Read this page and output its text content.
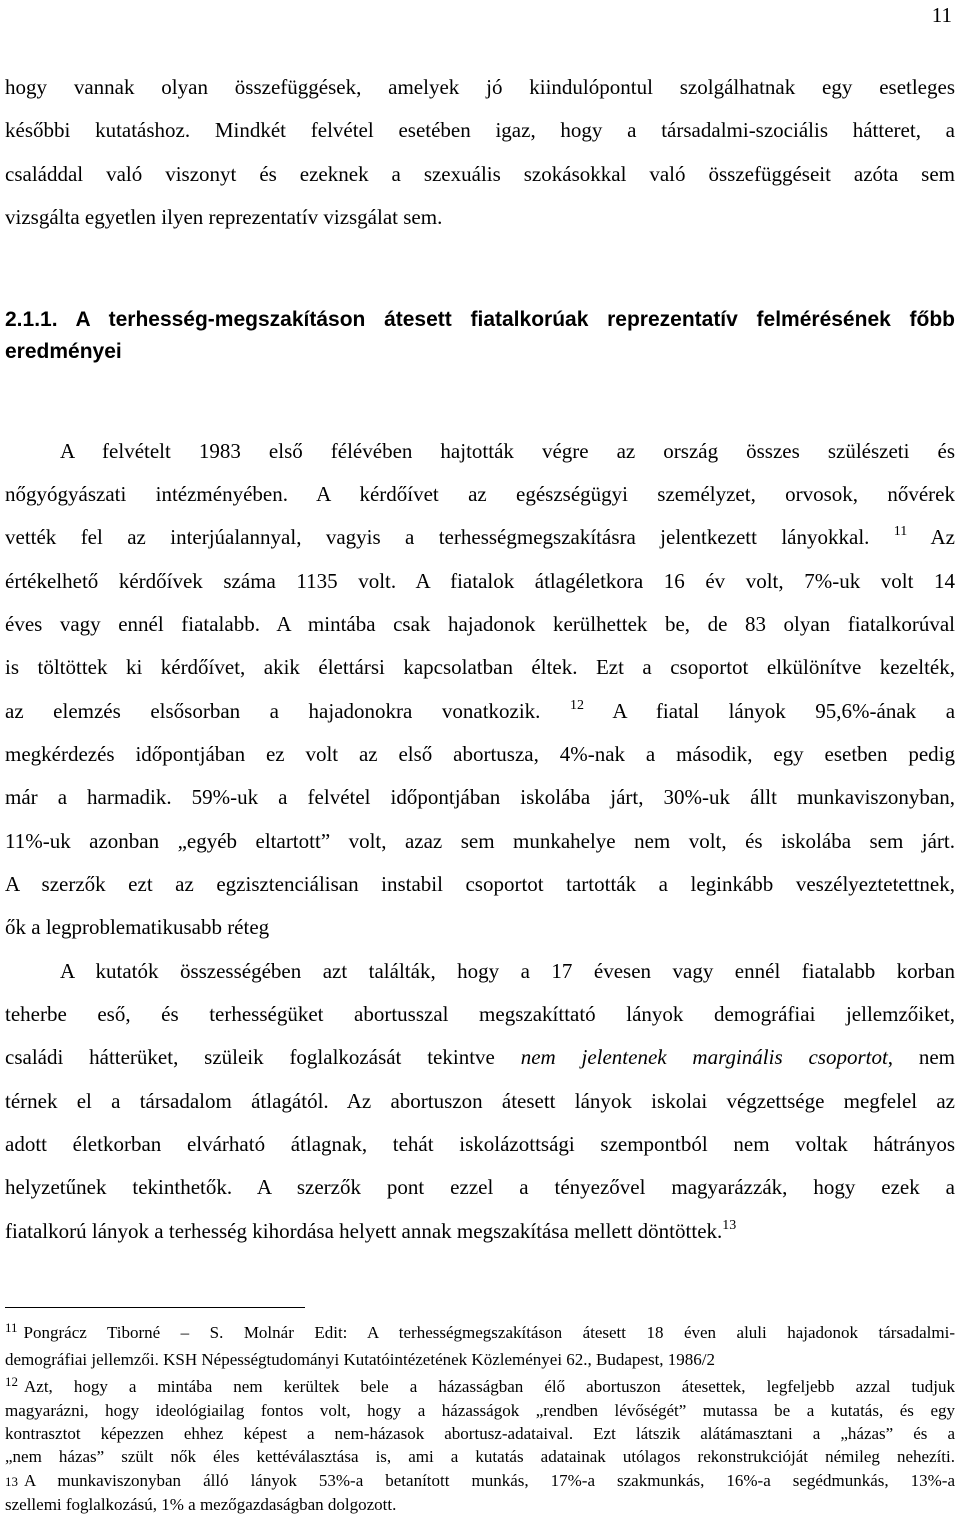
11
hogy vannak olyan összefüggések, amelyek jó kiindulópontul szolgálhatnak egy esetleges
későbbi kutatáshoz. Mindkét felvétel esetében igaz, hogy a társadalmi-szociális hátteret, a
családdal való viszonyt és ezeknek a szexuális szokásokkal való összefüggéseit azóta sem
vizsgálta egyetlen ilyen reprezentatív vizsgálat sem.
2.1.1. A terhesség-megszakításon átesett fiatalkorúak reprezentatív felmérésének főbb
eredményei
A felvételt 1983 első félévében hajtották végre az ország összes szülészeti és
nőgyógyászati intézményében. A kérdőívet az egészségügyi személyzet, orvosok, nővérek
vették fel az interjúalannyal, vagyis a terhességmegszakításra jelentkezett lányokkal. $^{11}$ Az
értékelhető kérdőívek száma 1135 volt. A fiatalok átlagéletkora 16 év volt, 7%-uk volt 14
éves vagy ennél fiatalabb. A mintába csak hajadonok kerülhettek be, de 83 olyan fiatalkorúval
is töltöttek ki kérdőívet, akik élettársi kapcsolatban éltek. Ezt a csoportot elkülönítve kezelték,
az elemzés elsősorban a hajadonokra vonatkozik. $^{12}$ A fiatal lányok 95,6%-ának a
megkérdezés időpontjában ez volt az első abortusza, 4%-nak a második, egy esetben pedig
már a harmadik. 59%-uk a felvétel időpontjában iskolába járt, 30%-uk állt munkaviszonyban,
11%-uk azonban „egyéb eltartott” volt, azaz sem munkahelye nem volt, és iskolába sem járt.
A szerzők ezt az egzisztenciálisan instabil csoportot tartották a leginkább veszélyeztetettnek,
ők a legproblematikusabb réteg
A kutatók összességében azt találták, hogy a 17 évesen vagy ennél fiatalabb korban
teherbe eső, és terhességüket abortusszal megszakíttató lányok demográfiai jellemzőiket,
családi hátterüket, szüleik foglalkozását tekintve nem jelentenek marginális csoportot, nem
térnek el a társadalom átlagától. Az abortuszon átesett lányok iskolai végzettsége megfelel az
adott életkorban elvárható átlagnak, tehát iskolázottsági szempontból nem voltak hátrányos
helyzetűnek tekinthetők. A szerzők pont ezzel a tényezővel magyarázzák, hogy ezek a
fiatalkorú lányok a terhesség kihordása helyett annak megszakítása mellett döntöttek.$^{13}$
$^{11}$ Pongrácz Tiborné – S. Molnár Edit: A terhességmegszakításon átesett 18 éven aluli hajadonok társadalmi-
demográfiai jellemzői. KSH Népességtudományi Kutatóintézetének Közleményei 62., Budapest, 1986/2
$^{12}$ Azt, hogy a mintába nem kerültek bele a házasságban élő abortuszon átesettek, legfeljebb azzal tudjuk
magyarázni, hogy ideológiailag fontos volt, hogy a házasságok „rendben lévőségét” mutassa be a kutatás, és egy
kontrasztot képezzen ehhez képest a nem-házasok abortusz-adataival. Ezt látszik alátámasztani a „házas” és a
„nem házas” szült nők éles kettéválasztása is, ami a kutatás adatainak utólagos rekonstrukcióját némileg nehezíti.
13 A munkaviszonyban álló lányok 53%-a betanított munkás, 17%-a szakmunkás, 16%-a segédmunkás, 13%-a
szellemi foglalkozású, 1% a mezőgazdaságban dolgozott.
